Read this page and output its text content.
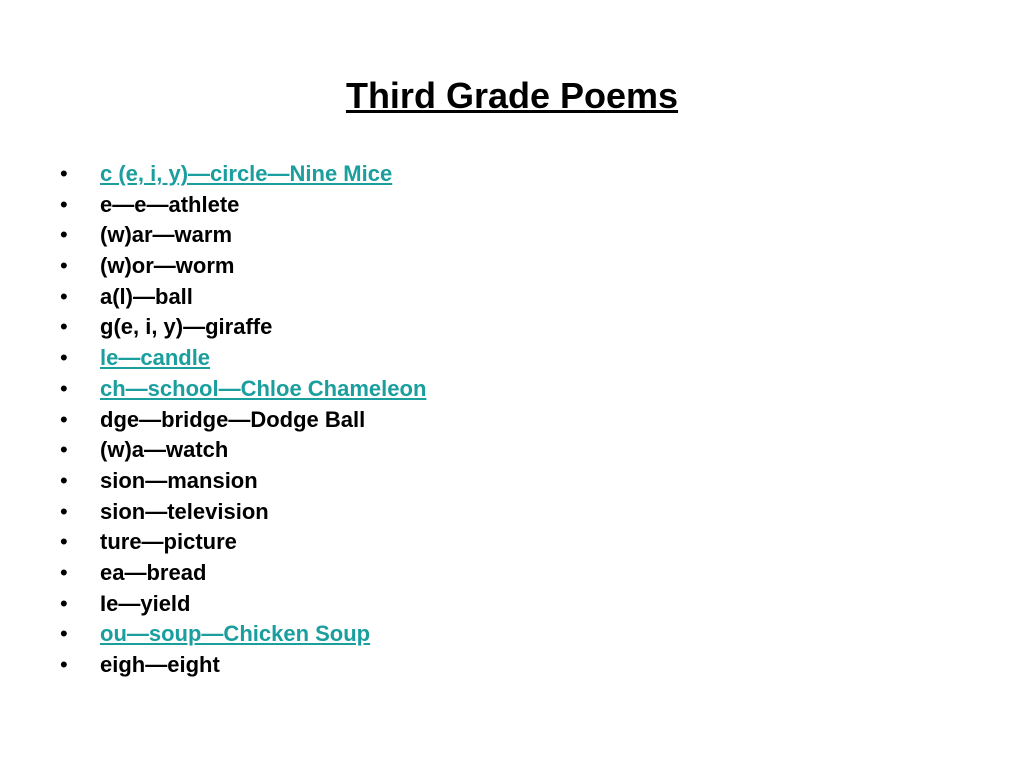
Third Grade Poems
•	c (e, i, y)—circle—Nine Mice
•	e—e—athlete
•	(w)ar—warm
•	(w)or—worm
•	a(l)—ball
•	g(e, i, y)—giraffe
•	le—candle
•	ch—school—Chloe Chameleon
•	dge—bridge—Dodge Ball
•	(w)a—watch
•	sion—mansion
•	sion—television
•	ture—picture
•	ea—bread
•	Ie—yield
•	ou—soup—Chicken Soup
•	eigh—eight
